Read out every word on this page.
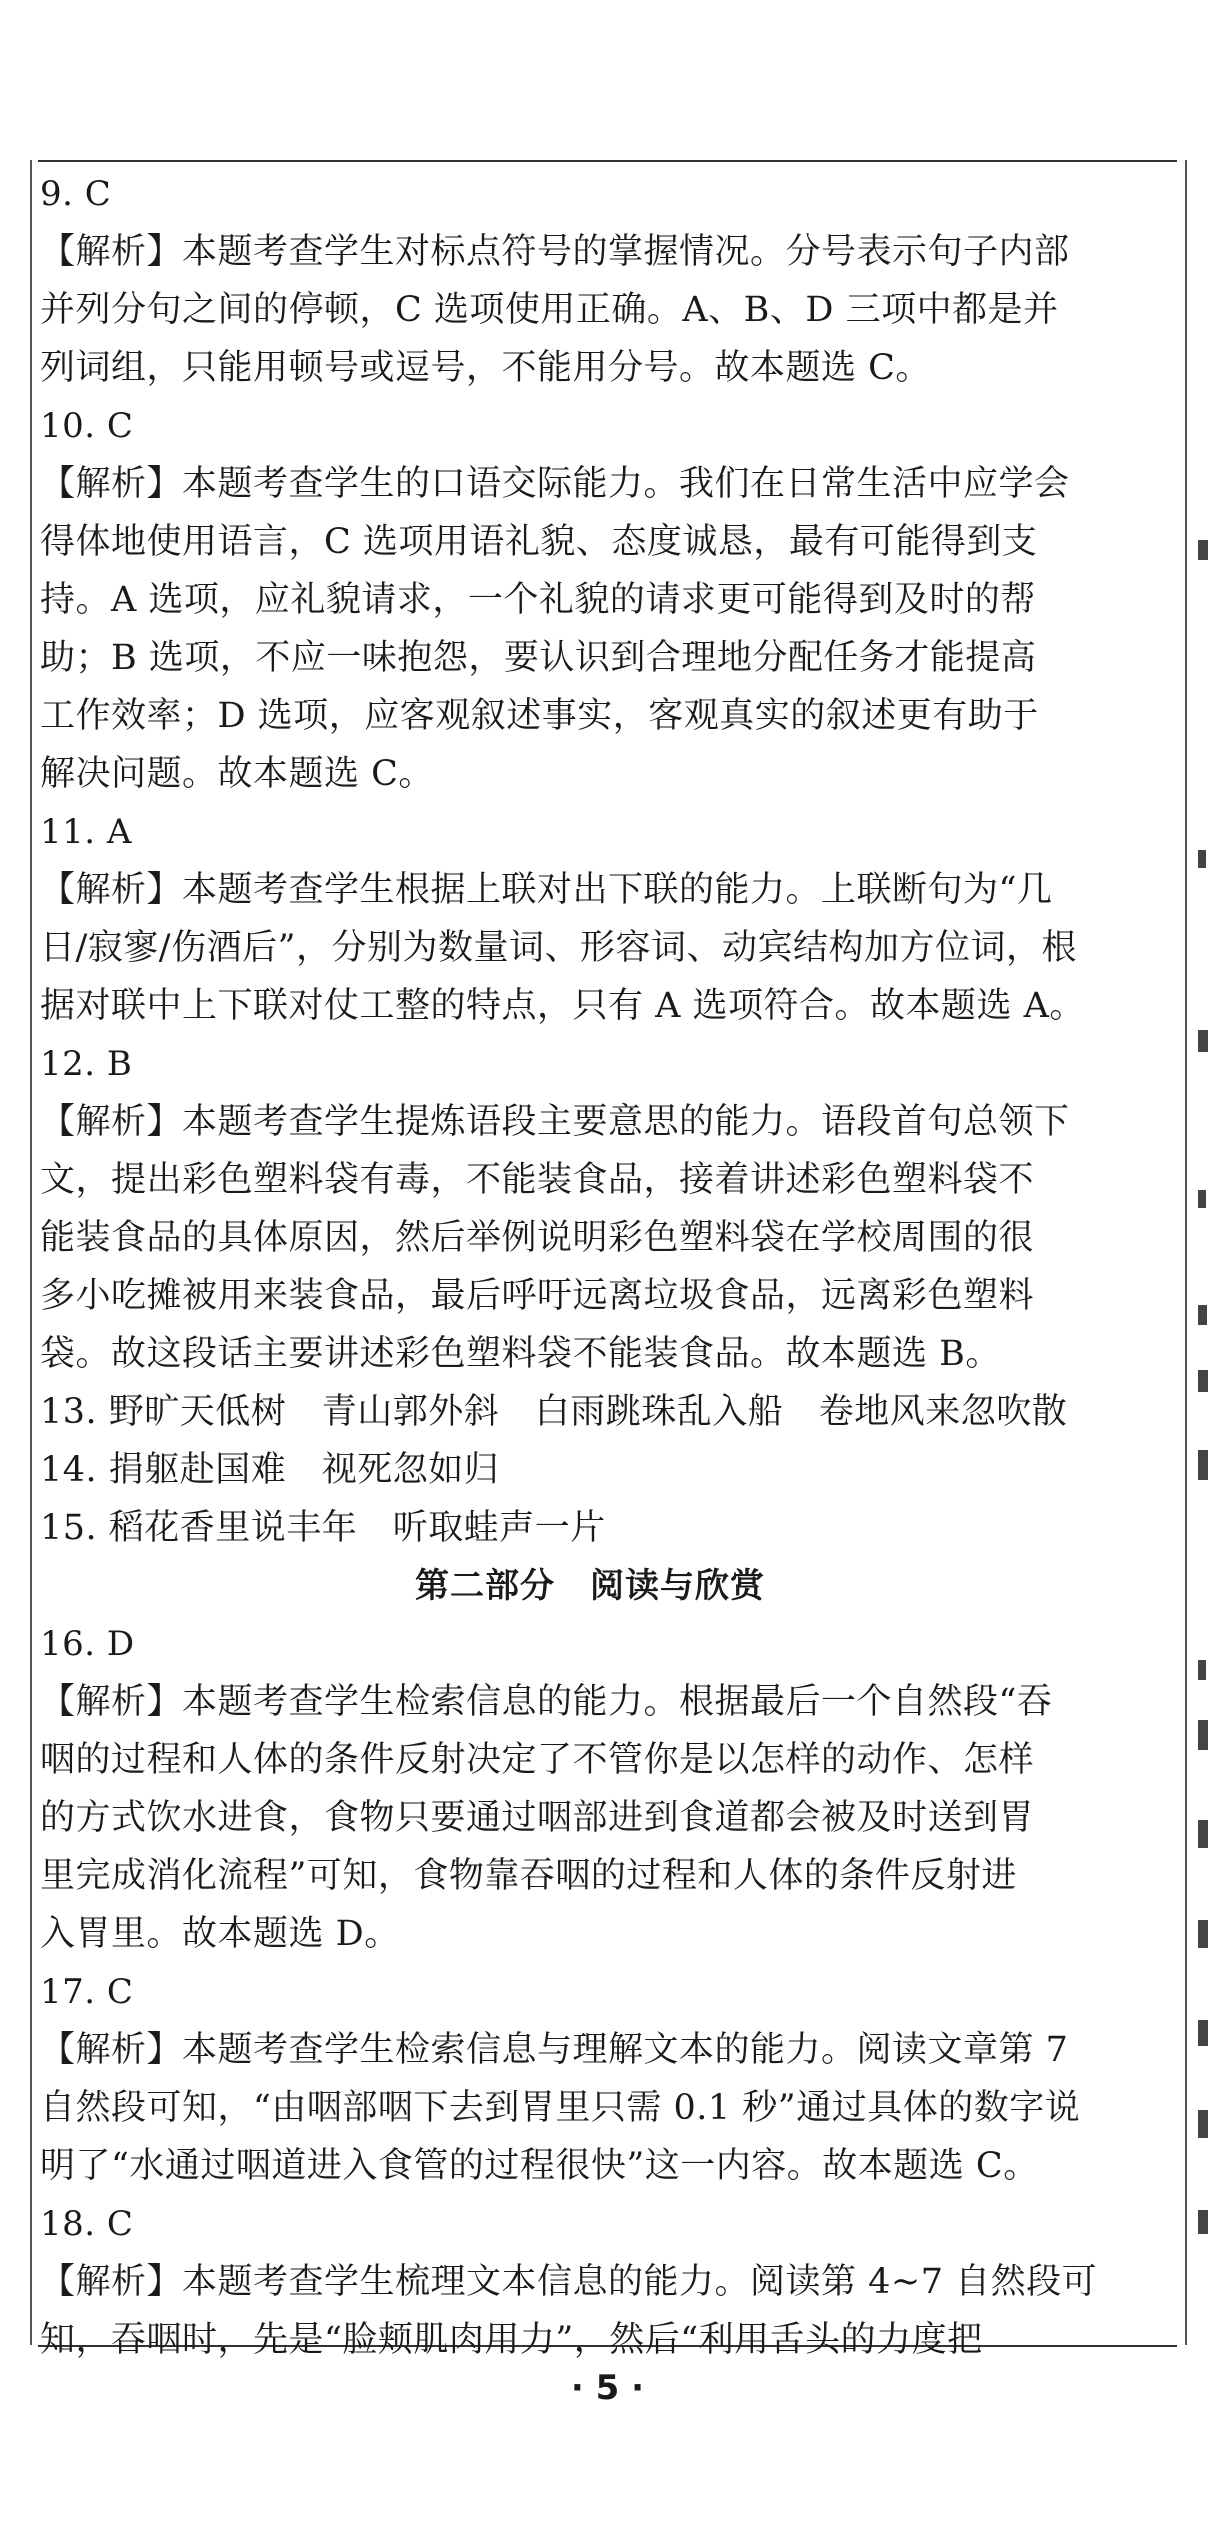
9. C
【解析】本题考查学生对标点符号的掌握情况。分号表示句子内部
并列分句之间的停顿，C 选项使用正确。A、B、D 三项中都是并
列词组，只能用顿号或逗号，不能用分号。故本题选 C。
10. C
【解析】本题考查学生的口语交际能力。我们在日常生活中应学会
得体地使用语言，C 选项用语礼貌、态度诚恳，最有可能得到支
持。A 选项，应礼貌请求，一个礼貌的请求更可能得到及时的帮
助；B 选项，不应一味抱怨，要认识到合理地分配任务才能提高
工作效率；D 选项，应客观叙述事实，客观真实的叙述更有助于
解决问题。故本题选 C。
11. A
【解析】本题考查学生根据上联对出下联的能力。上联断句为“几
日/寂寥/伤酒后”，分别为数量词、形容词、动宾结构加方位词，根
据对联中上下联对仗工整的特点，只有 A 选项符合。故本题选 A。
12. B
【解析】本题考查学生提炼语段主要意思的能力。语段首句总领下
文，提出彩色塑料袋有毒，不能装食品，接着讲述彩色塑料袋不
能装食品的具体原因，然后举例说明彩色塑料袋在学校周围的很
多小吃摊被用来装食品，最后呼吁远离垃圾食品，远离彩色塑料
袋。故这段话主要讲述彩色塑料袋不能装食品。故本题选 B。
13. 野旷天低树　青山郭外斜　白雨跳珠乱入船　卷地风来忽吹散
14. 捐躯赴国难　视死忽如归
15. 稻花香里说丰年　听取蛙声一片
第二部分　阅读与欣赏
16. D
【解析】本题考查学生检索信息的能力。根据最后一个自然段“吞
咽的过程和人体的条件反射决定了不管你是以怎样的动作、怎样
的方式饮水进食，食物只要通过咽部进到食道都会被及时送到胃
里完成消化流程”可知，食物靠吞咽的过程和人体的条件反射进
入胃里。故本题选 D。
17. C
【解析】本题考查学生检索信息与理解文本的能力。阅读文章第 7
自然段可知，“由咽部咽下去到胃里只需 0.1 秒”通过具体的数字说
明了“水通过咽道进入食管的过程很快”这一内容。故本题选 C。
18. C
【解析】本题考查学生梳理文本信息的能力。阅读第 4~7 自然段可
知，吞咽时，先是“脸颊肌肉用力”，然后“利用舌头的力度把
· 5 ·
